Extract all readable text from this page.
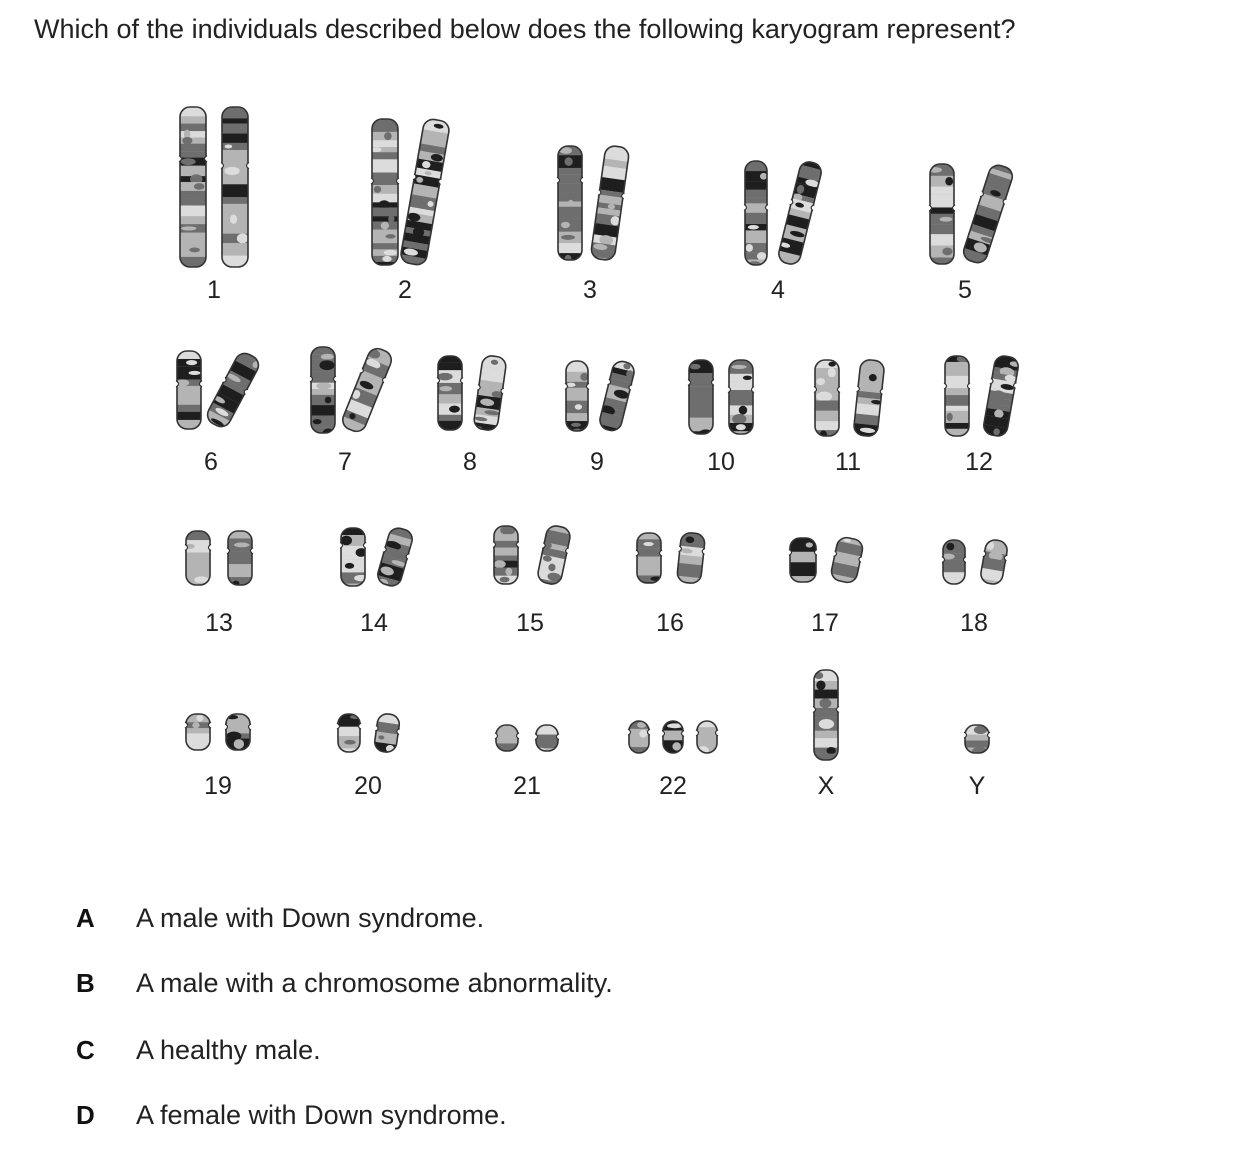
Which of the individuals described below does the following karyogram represent?
1	2	3	4	5
6	7	8	9	10	11	12
13	14	15	16	17	18
19	20	21	22	X	Y
A A male with Down syndrome.
B A male with a chromosome abnormality.
C A healthy male.
D A female with Down syndrome.
